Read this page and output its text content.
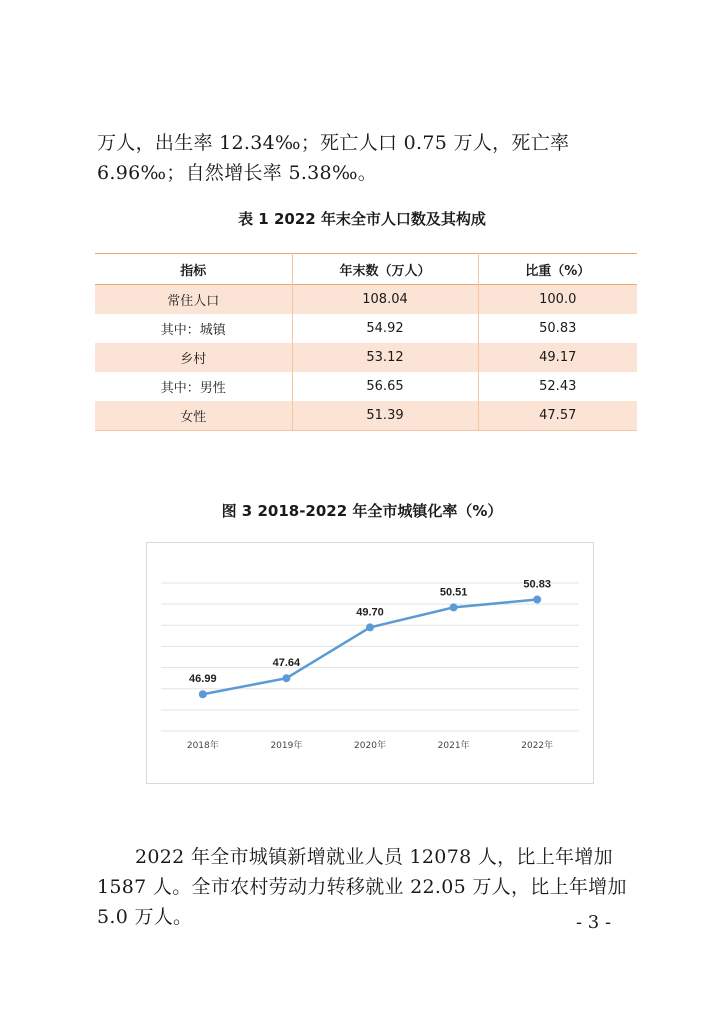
万人，出生率 12.34‰；死亡人口 0.75 万人，死亡率 6.96‰；自然增长率 5.38‰。

表 1 2022 年末全市人口数及其构成
指标	年末数（万人）	比重（%）
常住人口	108.04	100.0
其中：城镇	54.92	50.83
乡村	53.12	49.17
其中：男性	56.65	52.43
女性	51.39	47.57
图 3 2018-2022 年全市城镇化率（%）
46.99
2018年
47.64
2019年
49.70
2020年
50.51
2021年
50.83
2022年

2022 年全市城镇新增就业人员 12078 人，比上年增加 1587 人。全市农村劳动力转移就业 22.05 万人，比上年增加 5.0 万人。	- 3 -
